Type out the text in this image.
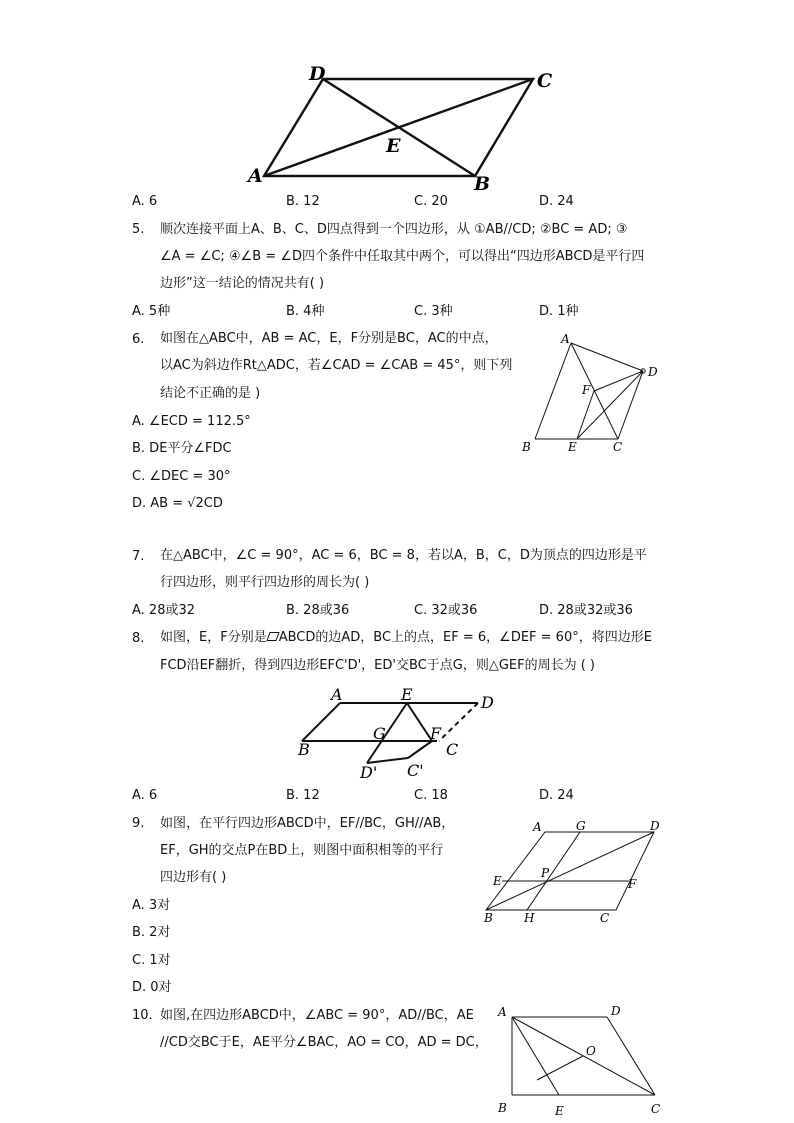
D	C
E
A	B
A. 6	B. 12	C. 20	D. 24
5. 顺次连接平面上A、B、C、D四点得到一个四边形，从 ①AB//CD; ②BC = AD; ③
∠A = ∠C; ④∠B = ∠D四个条件中任取其中两个，可以得出“四边形ABCD是平行四
边形”这一结论的情况共有( )
A. 5种	B. 4种	C. 3种	D. 1种
6. 如图在△ABC中，AB = AC，E，F分别是BC，AC的中点，
以AC为斜边作Rt△ADC，若∠CAD = ∠CAB = 45°，则下列
结论不正确的是 )
A. ∠ECD = 112.5°
B. DE平分∠FDC
C. ∠DEC = 30°
D. AB = √2CD
A
D
F
B	E	C
7. 在△ABC中，∠C = 90°，AC = 6，BC = 8，若以A，B，C，D为顶点的四边形是平
行四边形，则平行四边形的周长为( )
A. 28或32	B. 28或36	C. 32或36	D. 28或32或36
8. 如图，E，F分别是 ABCD的边AD，BC上的点，EF = 6，∠DEF = 60°，将四边形E
FCD沿EF翻折，得到四边形EFC'D'，ED'交BC于点G，则△GEF的周长为 ( )
A	E	D
B
G	F
C
D' C'
A. 6	B. 12	C. 18	D. 24
9. 如图，在平行四边形ABCD中，EF//BC，GH//AB，
EF，GH的交点P在BD上，则图中面积相等的平行
四边形有( )
A. 3对
B. 2对
C. 1对
D. 0对
A	G	D
E
P
F
B	H	C
10. 如图,在四边形ABCD中，∠ABC = 90°，AD//BC，AE
//CD交BC于E，AE平分∠BAC，AO = CO，AD = DC，
A	D
O
B	E	C
